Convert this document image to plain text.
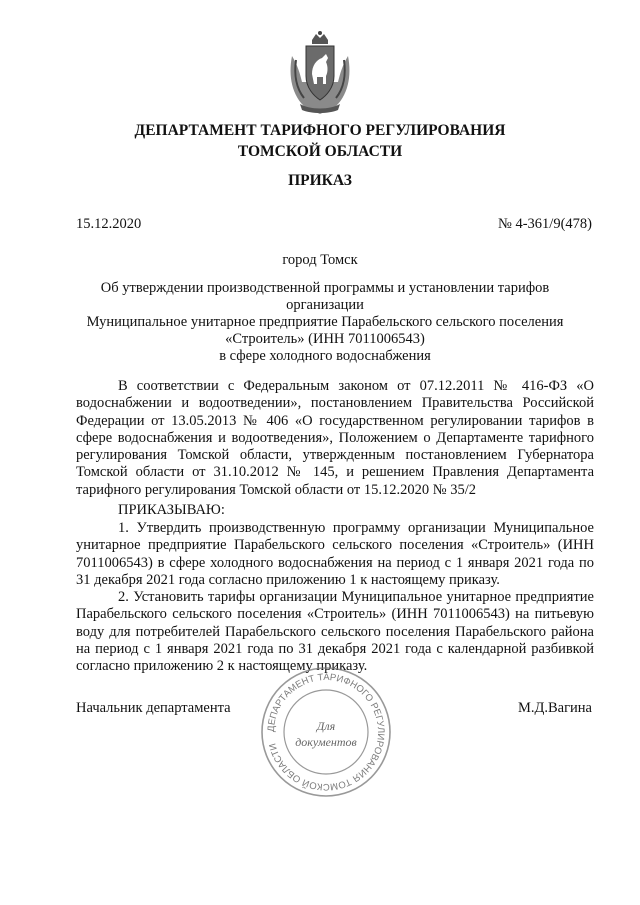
ДЕПАРТАМЕНТ ТАРИФНОГО РЕГУЛИРОВАНИЯ
ТОМСКОЙ ОБЛАСТИ
ПРИКАЗ
15.12.2020	№ 4-361/9(478)
город Томск
Об утверждении производственной программы и установлении тарифов организации
Муниципальное унитарное предприятие Парабельского сельского поселения
«Строитель» (ИНН 7011006543)
в сфере холодного водоснабжения
В соответствии с Федеральным законом от 07.12.2011 № 416-ФЗ «О водоснабжении и водоотведении», постановлением Правительства Российской Федерации от 13.05.2013 № 406 «О государственном регулировании тарифов в сфере водоснабжения и водоотведения», Положением о Департаменте тарифного регулирования Томской области, утвержденным постановлением Губернатора Томской области от 31.10.2012 № 145, и решением Правления Департамента тарифного регулирования Томской области от 15.12.2020 № 35/2
ПРИКАЗЫВАЮ:

1. Утвердить производственную программу организации Муниципальное унитарное предприятие Парабельского сельского поселения «Строитель» (ИНН 7011006543) в сфере холодного водоснабжения на период с 1 января 2021 года по 31 декабря 2021 года согласно приложению 1 к настоящему приказу.

2. Установить тарифы организации Муниципальное унитарное предприятие Парабельского сельского поселения «Строитель» (ИНН 7011006543) на питьевую воду для потребителей Парабельского сельского поселения Парабельского района на период с 1 января 2021 года по 31 декабря 2021 года с календарной разбивкой согласно приложению 2 к настоящему приказу.

Начальник департамента	М.Д.Вагина
ДЕПАРТАМЕНТ ТАРИФНОГО РЕГУЛИРОВАНИЯ ТОМСКОЙ ОБЛАСТИ
Для
документов
